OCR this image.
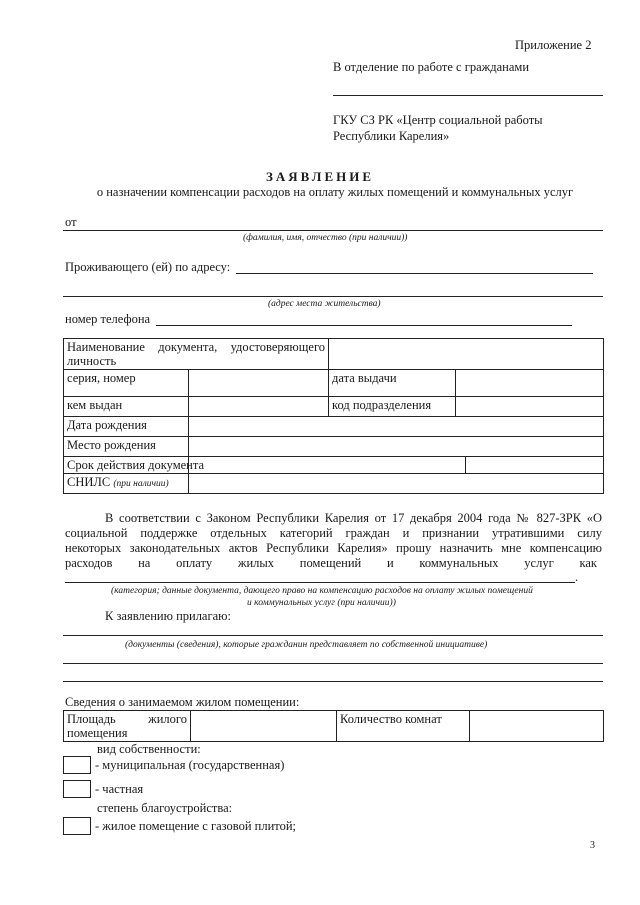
Приложение 2
В отделение по работе с гражданами
ГКУ СЗ РК «Центр социальной работы
Республики Карелия»
ЗАЯВЛЕНИЕ
о назначении компенсации расходов на оплату жилых помещений и коммунальных услуг
от
(фамилия, имя, отчество (при наличии))
Проживающего (ей) по адресу:
(адрес места жительства)
номер телефона
Наименование документа, удостоверяющего личность				
серия, номер		дата выдачи		
кем выдан		код подразделения		
Дата рождения				
Место рождения				
Срок действия документа				
СНИЛС (при наличии)				
В соответствии с Законом Республики Карелия от 17 декабря 2004 года № 827-ЗРК «О
социальной поддержке отдельных категорий граждан и признании утратившими силу
некоторых законодательных актов Республики Карелия» прошу назначить мне компенсацию
расходов на оплату жилых помещений и коммунальных услуг как
.
(категория; данные документа, дающего право на компенсацию расходов на оплату жилых помещений
и коммунальных услуг (при наличии))
К заявлению прилагаю:
(документы (сведения), которые гражданин представляет по собственной инициативе)
Сведения о занимаемом жилом помещении:
Площадь жилого помещения		Количество комнат	
вид собственности:
- муниципальная (государственная)
- частная
степень благоустройства:
- жилое помещение с газовой плитой;
3
